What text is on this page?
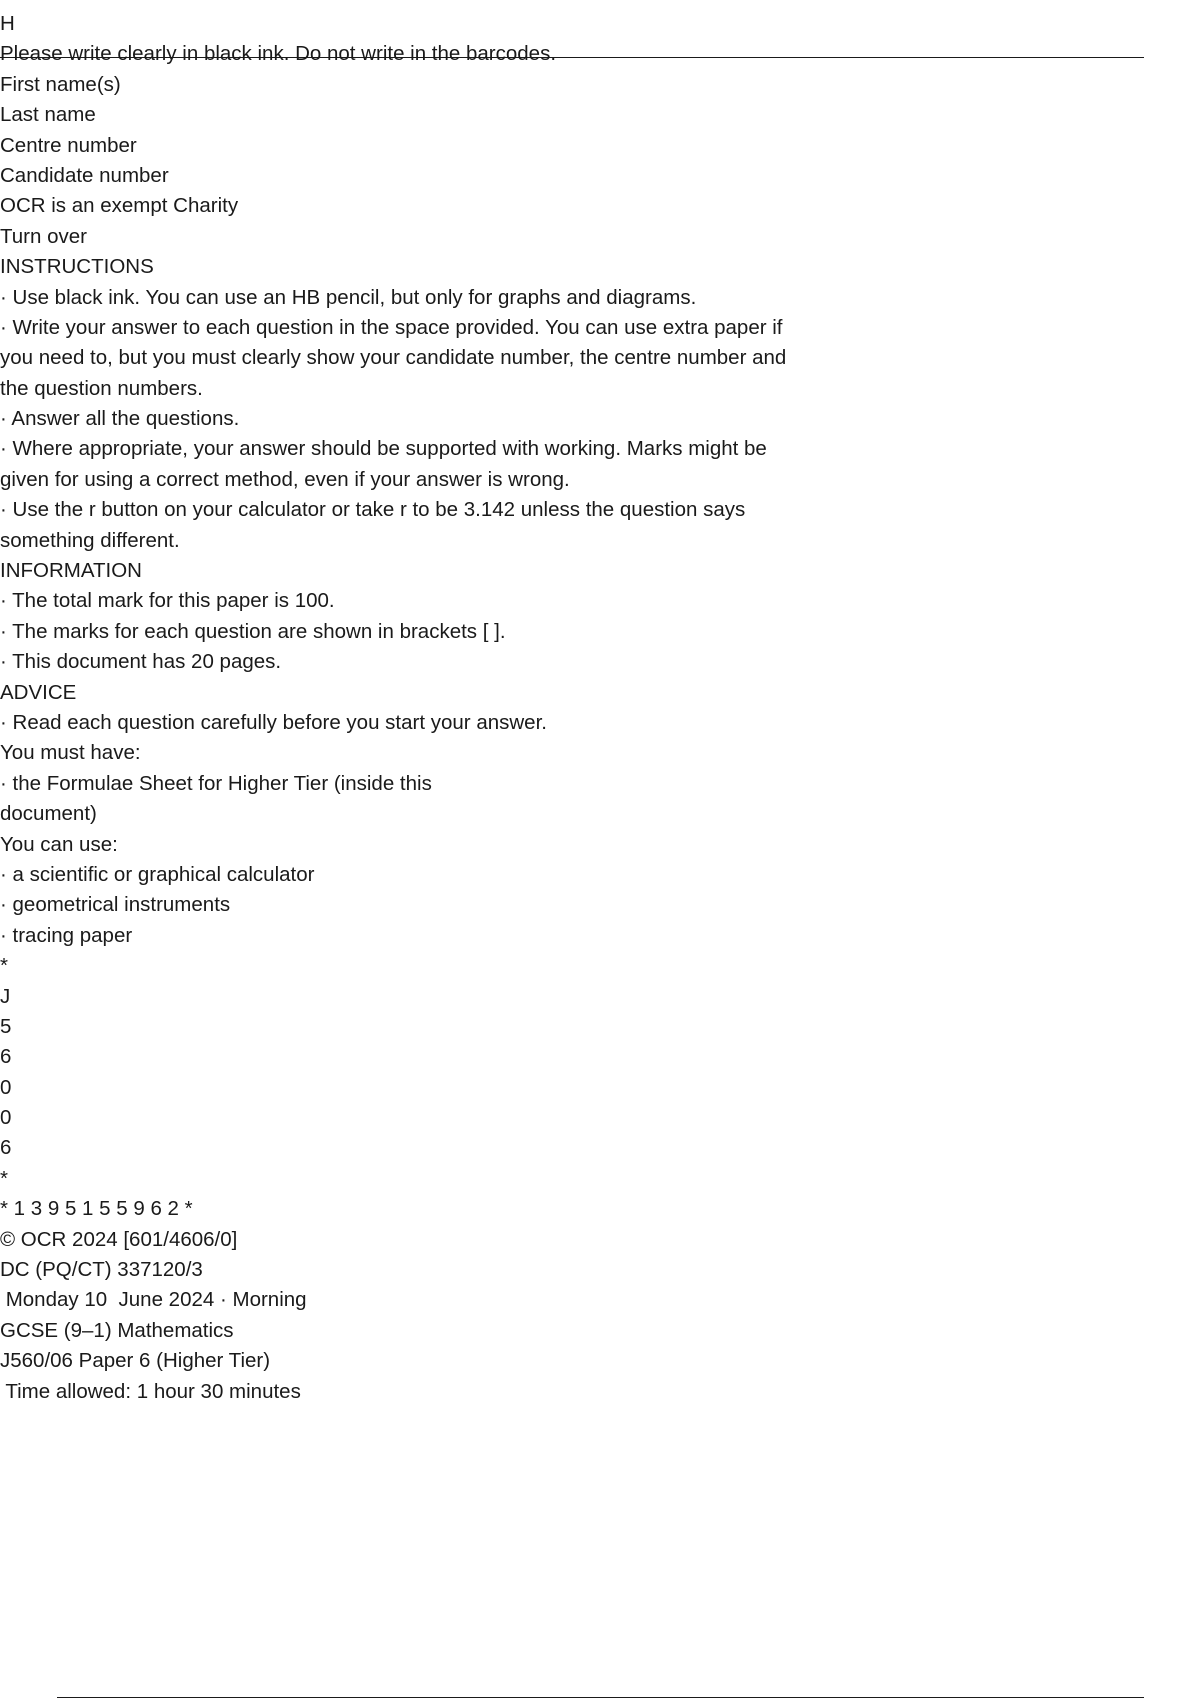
H
Please write clearly in black ink. Do not write in the barcodes.
First name(s)
Last name
Centre number
Candidate number
OCR is an exempt Charity
Turn over
INSTRUCTIONS
· Use black ink. You can use an HB pencil, but only for graphs and diagrams.
· Write your answer to each question in the space provided. You can use extra paper if
you need to, but you must clearly show your candidate number, the centre number and
the question numbers.
· Answer all the questions.
· Where appropriate, your answer should be supported with working. Marks might be
given for using a correct method, even if your answer is wrong.
· Use the r button on your calculator or take r to be 3.142 unless the question says
something different.
INFORMATION
· The total mark for this paper is 100.
· The marks for each question are shown in brackets [ ].
· This document has 20 pages.
ADVICE
· Read each question carefully before you start your answer.
You must have:
· the Formulae Sheet for Higher Tier (inside this
document)
You can use:
· a scientific or graphical calculator
· geometrical instruments
· tracing paper
*
J
5
6
0
0
6
*
* 1 3 9 5 1 5 5 9 6 2 *
© OCR 2024 [601/4606/0]
DC (PQ/CT) 337120/3
Monday 10  June 2024 · Morning
GCSE (9–1) Mathematics
J560/06 Paper 6 (Higher Tier)
Time allowed: 1 hour 30 minutes
